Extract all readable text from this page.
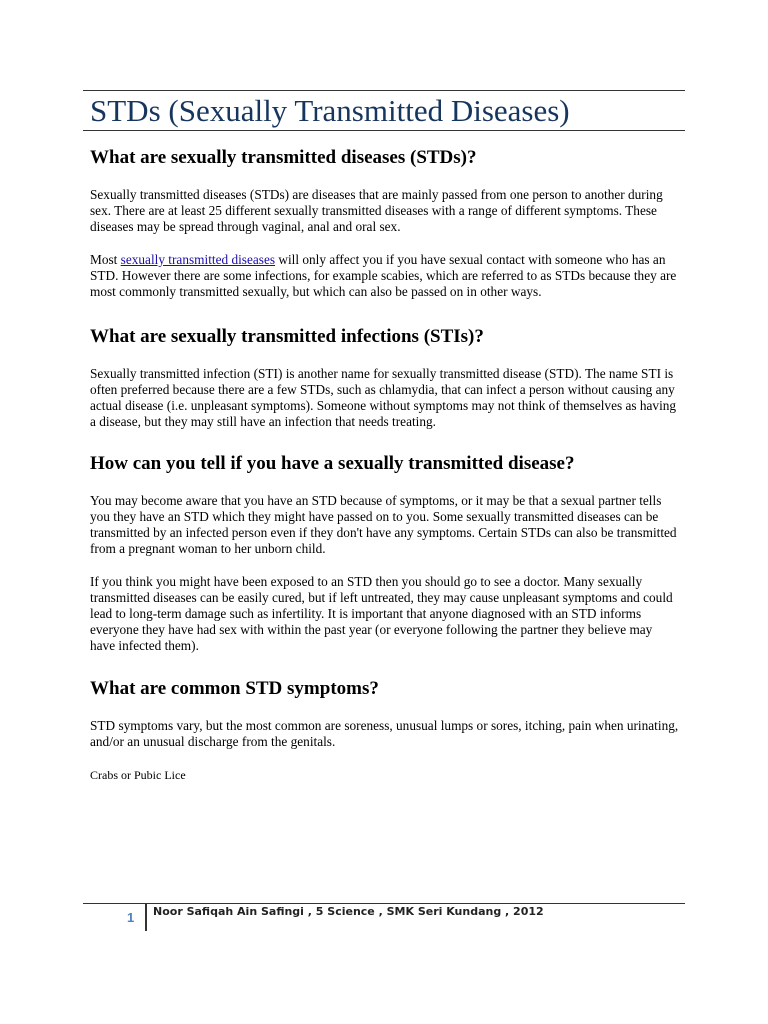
STDs (Sexually Transmitted Diseases)
What are sexually transmitted diseases (STDs)?

Sexually transmitted diseases (STDs) are diseases that are mainly passed from one person to another during sex. There are at least 25 different sexually transmitted diseases with a range of different symptoms. These diseases may be spread through vaginal, anal and oral sex.

Most sexually transmitted diseases will only affect you if you have sexual contact with someone who has an STD. However there are some infections, for example scabies, which are referred to as STDs because they are most commonly transmitted sexually, but which can also be passed on in other ways.

What are sexually transmitted infections (STIs)?

Sexually transmitted infection (STI) is another name for sexually transmitted disease (STD). The name STI is often preferred because there are a few STDs, such as chlamydia, that can infect a person without causing any actual disease (i.e. unpleasant symptoms). Someone without symptoms may not think of themselves as having a disease, but they may still have an infection that needs treating.

How can you tell if you have a sexually transmitted disease?

You may become aware that you have an STD because of symptoms, or it may be that a sexual partner tells you they have an STD which they might have passed on to you. Some sexually transmitted diseases can be transmitted by an infected person even if they don't have any symptoms. Certain STDs can also be transmitted from a pregnant woman to her unborn child.

If you think you might have been exposed to an STD then you should go to see a doctor. Many sexually transmitted diseases can be easily cured, but if left untreated, they may cause unpleasant symptoms and could lead to long-term damage such as infertility. It is important that anyone diagnosed with an STD informs everyone they have had sex with within the past year (or everyone following the partner they believe may have infected them).

What are common STD symptoms?

STD symptoms vary, but the most common are soreness, unusual lumps or sores, itching, pain when urinating, and/or an unusual discharge from the genitals.

Crabs or Pubic Lice

1 Noor Safiqah Ain Safingi , 5 Science , SMK Seri Kundang , 2012
